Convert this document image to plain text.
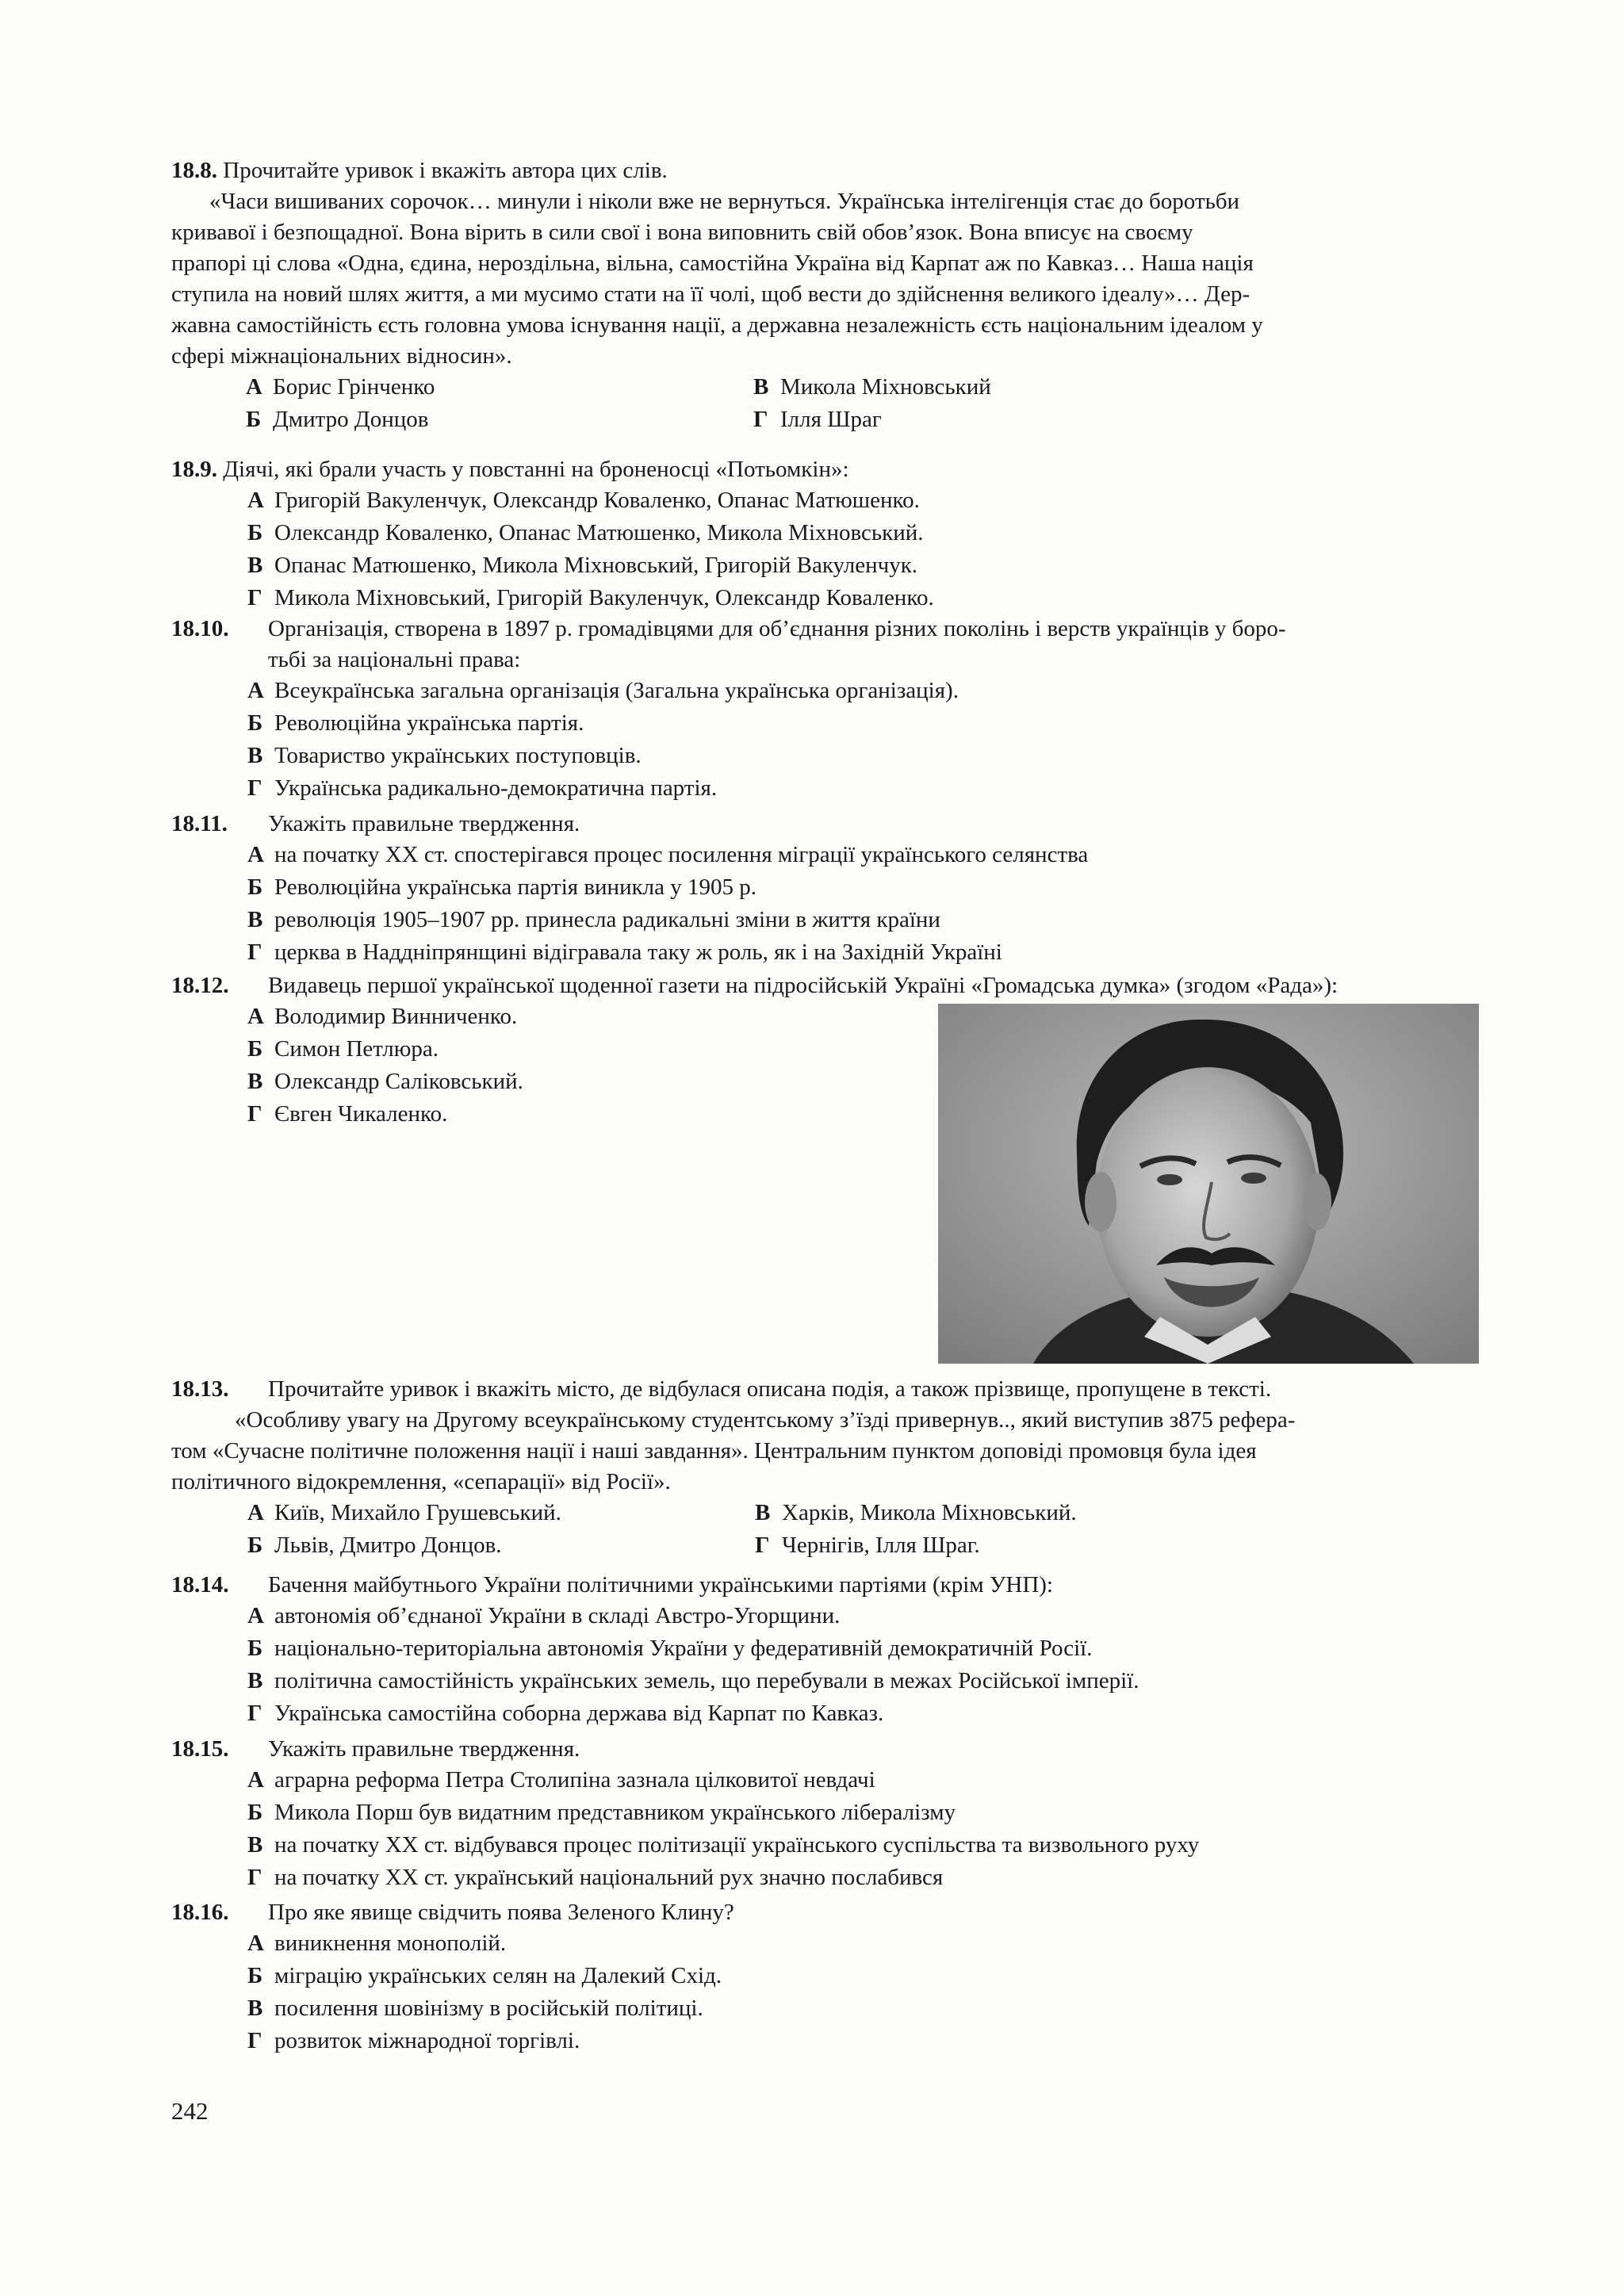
18.8. Прочитайте уривок і вкажіть автора цих слів.
«Часи вишиваних сорочок… минули і ніколи вже не вернуться. Українська інтелігенція стає до боротьби
кривавої і безпощадної. Вона вірить в сили свої і вона виповнить свій обов’язок. Вона вписує на своєму
прапорі ці слова «Одна, єдина, нероздільна, вільна, самостійна Україна від Карпат аж по Кавказ… Наша нація
ступила на новий шлях життя, а ми мусимо стати на її чолі, щоб вести до здійснення великого ідеалу»… Дер-
жавна самостійність єсть головна умова існування нації, а державна незалежність єсть національним ідеалом у
сфері міжнаціональних відносин».
А Борис Грінченко	В Микола Міхновський
Б Дмитро Донцов	Г Ілля Шраг
18.9. Діячі, які брали участь у повстанні на броненосці «Потьомкін»:
А Григорій Вакуленчук, Олександр Коваленко, Опанас Матюшенко.
Б Олександр Коваленко, Опанас Матюшенко, Микола Міхновський.
В Опанас Матюшенко, Микола Міхновський, Григорій Вакуленчук.
Г Микола Міхновський, Григорій Вакуленчук, Олександр Коваленко.
18.10. Організація, створена в 1897 р. громадівцями для об’єднання різних поколінь і верств українців у боро-
тьбі за національні права:
А Всеукраїнська загальна організація (Загальна українська організація).
Б Революційна українська партія.
В Товариство українських поступовців.
Г Українська радикально-демократична партія.
18.11. Укажіть правильне твердження.
А на початку XX ст. спостерігався процес посилення міграції українського селянства
Б Революційна українська партія виникла у 1905 р.
В революція 1905–1907 рр. принесла радикальні зміни в життя країни
Г церква в Наддніпрянщині відігравала таку ж роль, як і на Західній Україні
18.12. Видавець першої української щоденної газети на підросійській Україні «Громадська думка» (згодом «Рада»):
А Володимир Винниченко.
Б Симон Петлюра.
В Олександр Саліковський.
Г Євген Чикаленко.
18.13. Прочитайте уривок і вкажіть місто, де відбулася описана подія, а також прізвище, пропущене в тексті.
«Особливу увагу на Другому всеукраїнському студентському з’їзді привернув.., який виступив з875 рефера-
том «Сучасне політичне положення нації і наші завдання». Центральним пунктом доповіді промовця була ідея
політичного відокремлення, «сепарації» від Росії».
А Київ, Михайло Грушевський.	В Харків, Микола Міхновський.
Б Львів, Дмитро Донцов.	Г Чернігів, Ілля Шраг.
18.14. Бачення майбутнього України політичними українськими партіями (крім УНП):
А автономія об’єднаної України в складі Австро-Угорщини.
Б національно-територіальна автономія України у федеративній демократичній Росії.
В політична самостійність українських земель, що перебували в межах Російської імперії.
Г Українська самостійна соборна держава від Карпат по Кавказ.
18.15. Укажіть правильне твердження.
А аграрна реформа Петра Столипіна зазнала цілковитої невдачі
Б Микола Порш був видатним представником українського лібералізму
В на початку XX ст. відбувався процес політизації українського суспільства та визвольного руху
Г на початку XX ст. український національний рух значно послабився
18.16. Про яке явище свідчить поява Зеленого Клину?
А виникнення монополій.
Б міграцію українських селян на Далекий Схід.
В посилення шовінізму в російській політиці.
Г розвиток міжнародної торгівлі.
242
